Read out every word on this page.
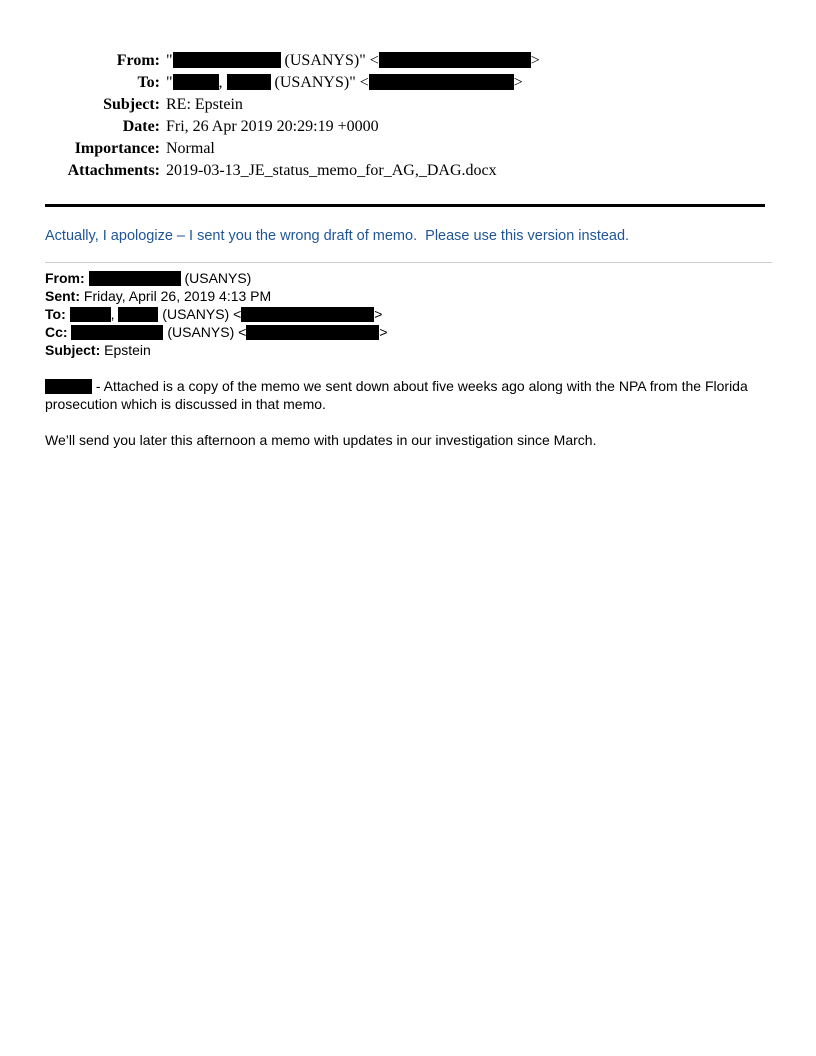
From: "	(USANYS)" <	>
To: "	,	(USANYS)" <	>
Subject: RE: Epstein
Date: Fri, 26 Apr 2019 20:29:19 +0000
Importance: Normal
Attachments: 2019-03-13_JE_status_memo_for_AG,_DAG.docx
Actually, I apologize – I sent you the wrong draft of memo.  Please use this version instead.
From:	(USANYS)
Sent: Friday, April 26, 2019 4:13 PM
To:	,	(USANYS) <	>
Cc:	(USANYS) <	>
Subject: Epstein

- Attached is a copy of the memo we sent down about five weeks ago along with the NPA from the Florida
prosecution which is discussed in that memo.

We’ll send you later this afternoon a memo with updates in our investigation since March.
